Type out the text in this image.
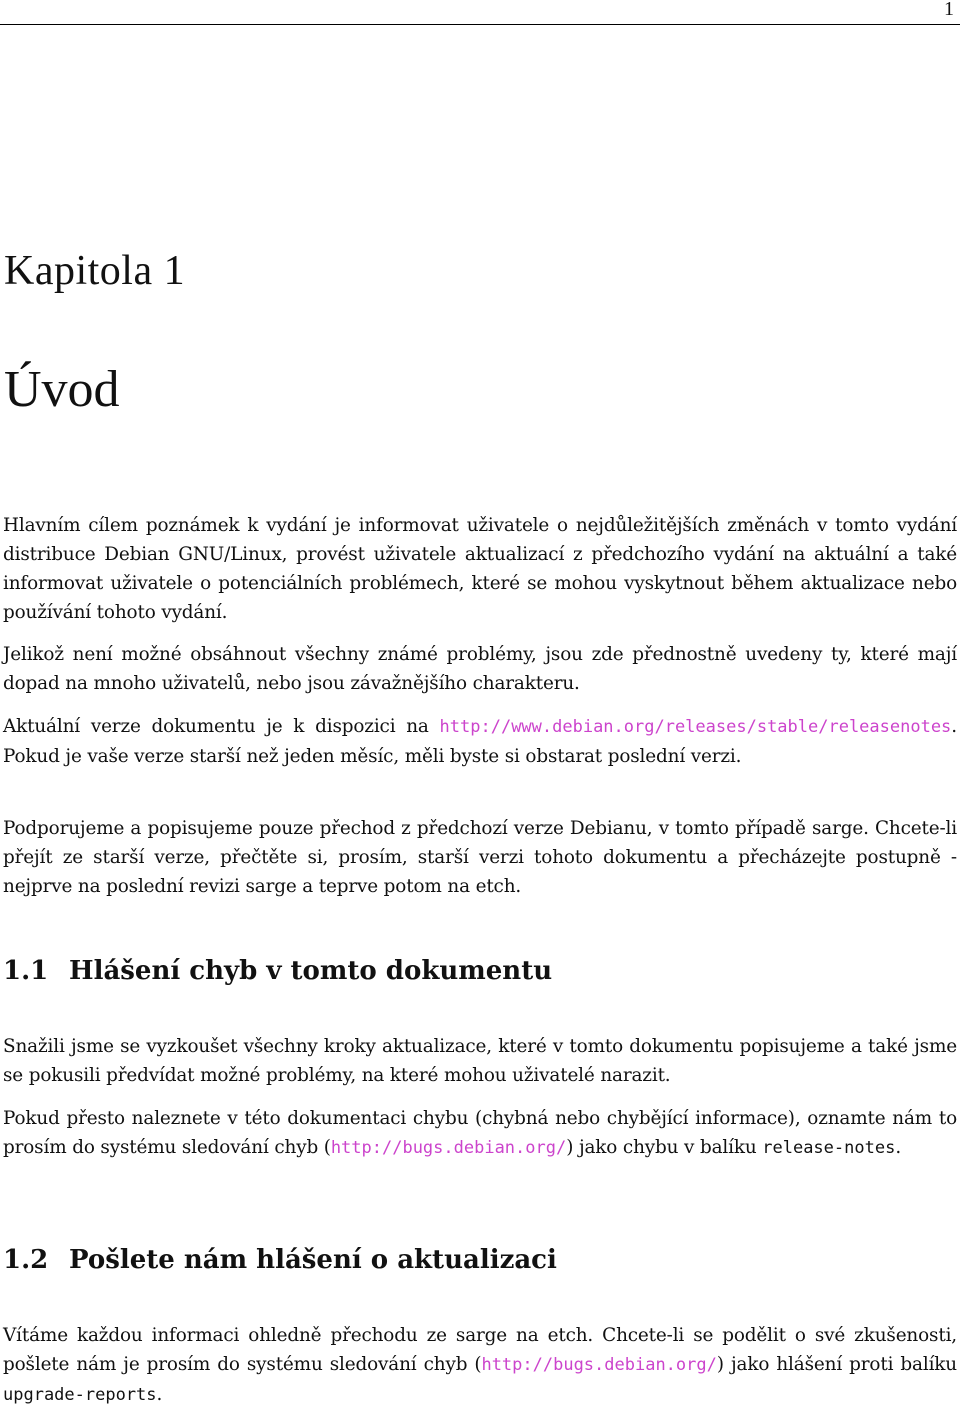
1
Kapitola 1
Úvod

Hlavním cílem poznámek k vydání je informovat uživatele o nejdůležitějších změnách v tomto vydání distribuce Debian GNU/Linux, provést uživatele aktualizací z předchozího vydání na aktuální a také informovat uživatele o potenciálních problémech, které se mohou vyskytnout během aktualizace nebo používání tohoto vydání.

Jelikož není možné obsáhnout všechny známé problémy, jsou zde přednostně uvedeny ty, které mají dopad na mnoho uživatelů, nebo jsou závažnějšího charakteru.

Aktuální verze dokumentu je k dispozici na http://www.debian.org/releases/stable/releasenotes. Pokud je vaše verze starší než jeden měsíc, měli byste si obstarat poslední verzi.

Podporujeme a popisujeme pouze přechod z předchozí verze Debianu, v tomto případě sarge. Chcete-li přejít ze starší verze, přečtěte si, prosím, starší verzi tohoto dokumentu a přecházejte postupně - nejprve na poslední revizi sarge a teprve potom na etch.

1.1 Hlášení chyb v tomto dokumentu

Snažili jsme se vyzkoušet všechny kroky aktualizace, které v tomto dokumentu popisujeme a také jsme se pokusili předvídat možné problémy, na které mohou uživatelé narazit.

Pokud přesto naleznete v této dokumentaci chybu (chybná nebo chybějící informace), oznamte nám to prosím do systému sledování chyb (http://bugs.debian.org/) jako chybu v balíku release-notes.

1.2 Pošlete nám hlášení o aktualizaci

Vítáme každou informaci ohledně přechodu ze sarge na etch. Chcete-li se podělit o své zkušenosti, pošlete nám je prosím do systému sledování chyb (http://bugs.debian.org/) jako hlášení proti balíku upgrade-reports.
